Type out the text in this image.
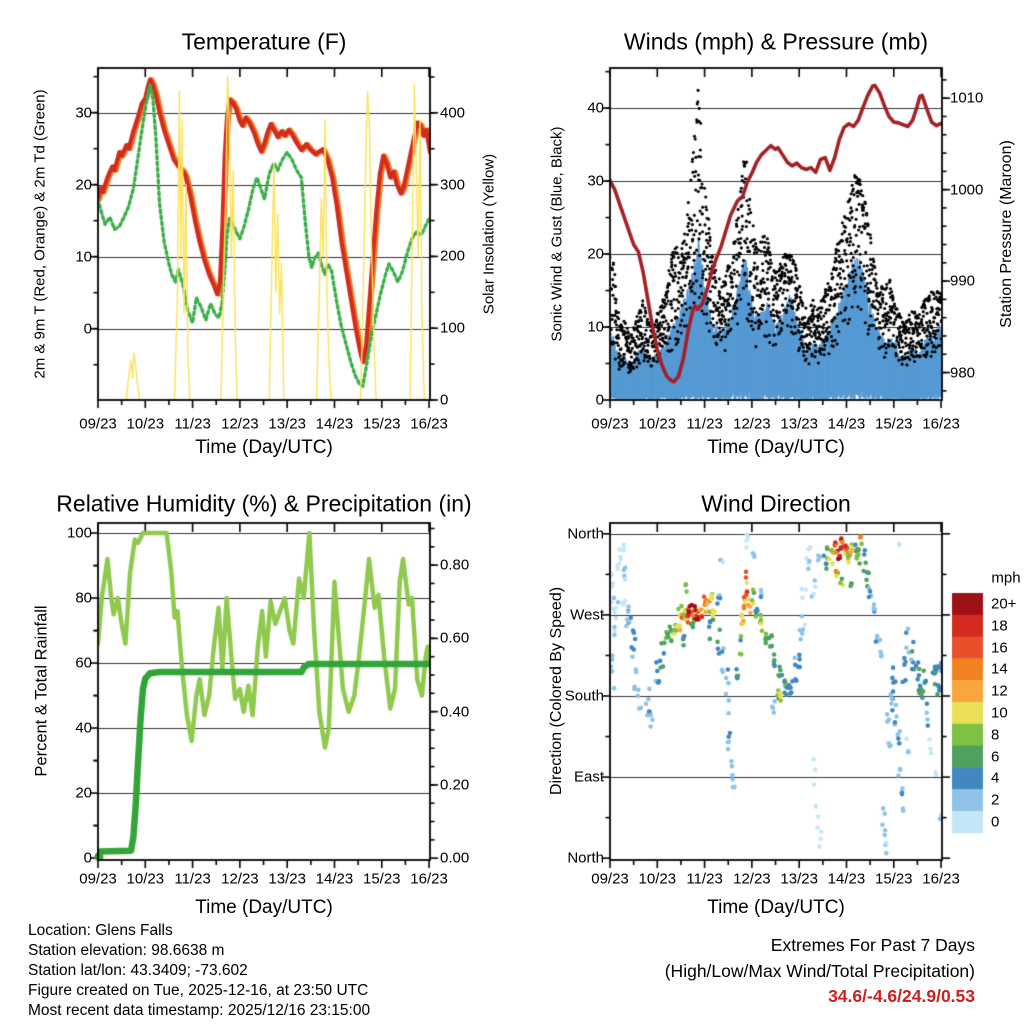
Temperature (F)	Winds (mph) & Pressure (mb)
Relative Humidity (%) & Precipitation (in)	Wind Direction
Time (Day/UTC)	Time (Day/UTC)
Time (Day/UTC)	Time (Day/UTC)
2m & 9m T (Red, Orange) & 2m Td (Green)	Solar Insolation (Yellow)	Sonic Wind & Gust (Blue, Black)	Station Pressure (Maroon)
Percent & Total Rainfall	Direction (Colored By Speed)
mph
Location: Glens Falls
Station elevation: 98.6638 m
Station lat/lon: 43.3409; -73.602
Figure created on Tue, 2025-12-16, at 23:50 UTC
Most recent data timestamp: 2025/12/16 23:15:00
Extremes For Past 7 Days
(High/Low/Max Wind/Total Precipitation)
34.6/-4.6/24.9/0.53
09/23 10/23 11/23 12/23 13/23 14/23 15/23 16/23
0
10
20
30
0
100
200
300
400
09/23 10/23 11/23 12/23 13/23 14/23 15/23 16/23
0
10
20
30
40
980
990
1000
1010
09/23 10/23 11/23 12/23 13/23 14/23 15/23 16/23
0
20
40
60
80
100
0.00
0.20
0.40
0.60
0.80
09/23 10/23 11/23 12/23 13/23 14/23 15/23 16/23
North
West
South
East
North
20+
18
16
14
12
10
8
6
4
2
0
